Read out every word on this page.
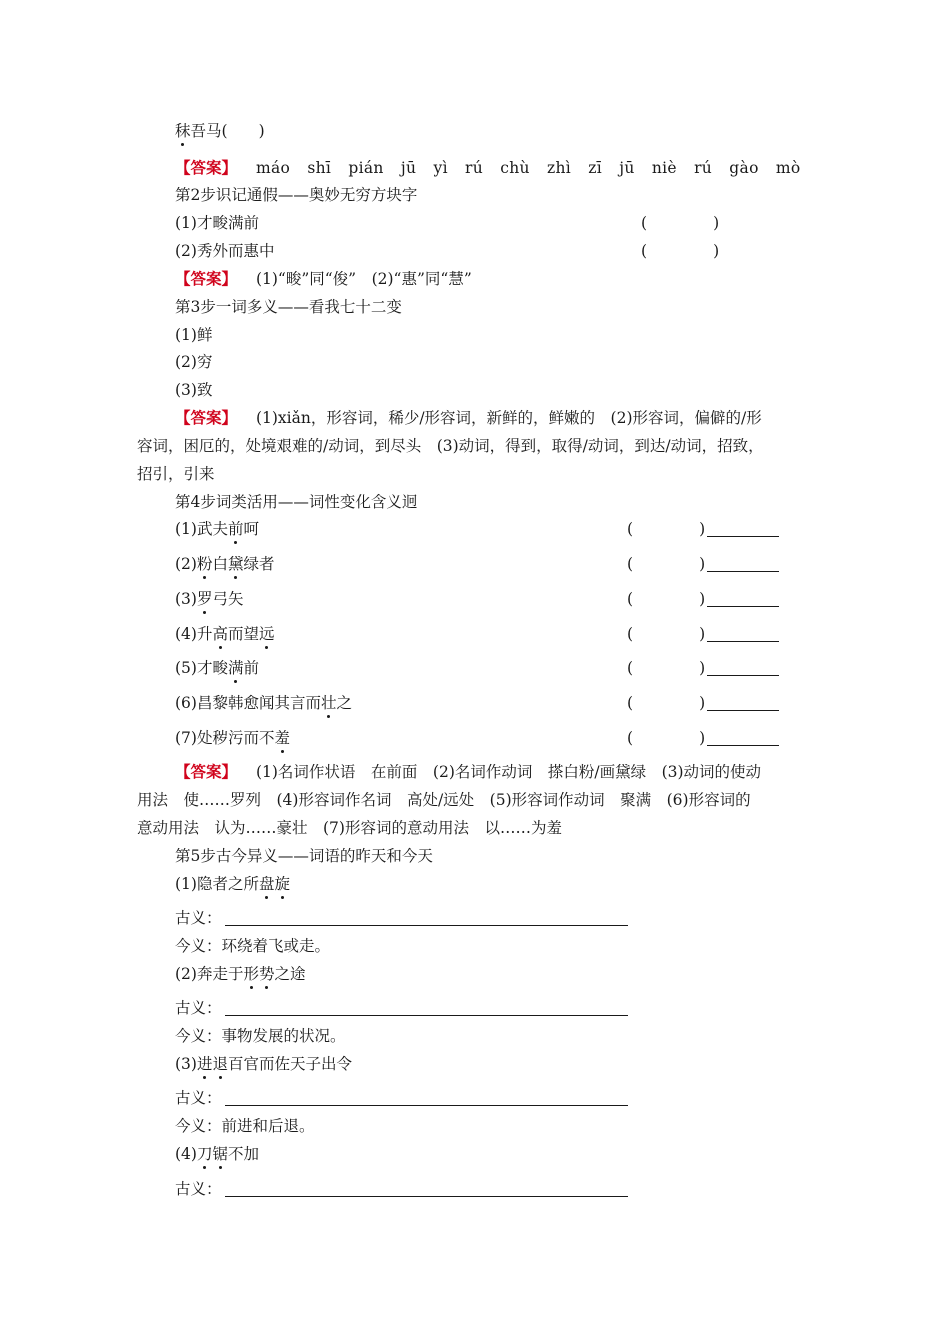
秣吾马(　　)
【答案】 máo shī pián jū yì rú chù zhì zī jū niè rú gào mò
第2步识记通假——奥妙无穷方块字
(1)才畯满前	(	)
(2)秀外而惠中	(	)
【答案】 (1)“畯”同“俊”　(2)“惠”同“慧”
第3步一词多义——看我七十二变
(1)鲜
(2)穷
(3)致
【答案】 (1)xiǎn，形容词，稀少/形容词，新鲜的，鲜嫩的　(2)形容词，偏僻的/形
容词，困厄的，处境艰难的/动词，到尽头　(3)动词，得到，取得/动词，到达/动词，招致，
招引，引来
第4步词类活用——词性变化含义迥
(1)武夫前呵	(	)
(2)粉白黛绿者	(	)
(3)罗弓矢	(	)
(4)升高而望远	(	)
(5)才畯满前	(	)
(6)昌黎韩愈闻其言而壮之	(	)
(7)处秽污而不羞	(	)
【答案】 (1)名词作状语　在前面　(2)名词作动词　搽白粉/画黛绿　(3)动词的使动
用法　使……罗列　(4)形容词作名词　高处/远处　(5)形容词作动词　聚满　(6)形容词的
意动用法　认为……豪壮　(7)形容词的意动用法　以……为羞
第5步古今异义——词语的昨天和今天
(1)隐者之所盘旋
古义：
今义：环绕着飞或走。
(2)奔走于形势之途
古义：
今义：事物发展的状况。
(3)进退百官而佐天子出令
古义：
今义：前进和后退。
(4)刀锯不加
古义：
